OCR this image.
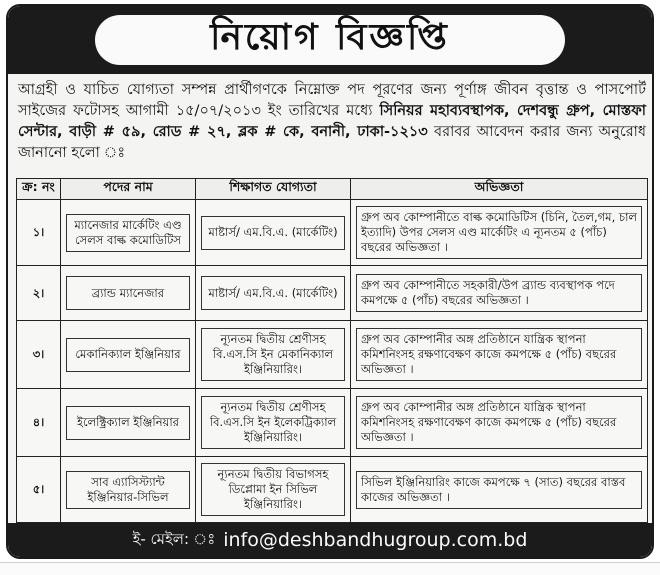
নিয়োগ বিজ্ঞপ্তি
আগ্রহী ও যাচিত যোগ্যতা সম্পন্ন প্রার্থীগণকে নিম্নোক্ত পদ পূরণের জন্য পূর্ণাঙ্গ জীবন বৃত্তান্ত ও পাসপোর্ট সাইজের ফটোসহ আগামী ১৫/০৭/২০১৩ ইং তারিখের মধ্যে সিনিয়র মহাব্যবস্থাপক, দেশবন্ধু গ্রুপ, মোস্তফা সেন্টার, বাড়ী # ৫৯, রোড # ২৭, ব্লক # কে, বনানী, ঢাকা-১২১৩ বরাবর আবেদন করার জন্য অনুরোধ জানানো হলো ঃ
ক্র: নং	পদের নাম	শিক্ষাগত যোগ্যতা	অভিজ্ঞতা
১।	ম্যানেজার মার্কেটিং এণ্ড সেলস বাল্ক কমোডিটিস	মাষ্টার্স/ এম.বি.এ. (মার্কেটিং)	গ্রুপ অব কোম্পানীতে বাল্ক কমোডিটিস (চিনি, তৈল,গম, চাল ইত্যাদি) উপর সেলস এণ্ড মার্কেটিং এ ন্যূনতম ৫ (পাঁচ) বছরের অভিজ্ঞতা ।

২।	ব্র্যান্ড ম্যানেজার	মাষ্টার্স/ এম.বি.এ. (মার্কেটিং)	গ্রুপ অব কোম্পানীতে সহকারী/উপ ব্র্যান্ড ব্যবস্থাপক পদে কমপক্ষে ৫ (পাঁচ) বছরের অভিজ্ঞতা ।

৩।	মেকানিক্যাল ইঞ্জিনিয়ার	ন্যূনতম দ্বিতীয় শ্রেণীসহ বি.এস.সি ইন মেকানিক্যাল ইঞ্জিনিয়ারিং।	গ্রুপ অব কোম্পানীর অঙ্গ প্রতিষ্ঠানে যান্ত্রিক স্থাপনা কমিশনিংসহ রক্ষণাবেক্ষণ কাজে কমপক্ষে ৫ (পাঁচ) বছরের অভিজ্ঞতা ।

৪।	ইলেক্ট্রিক্যাল ইঞ্জিনিয়ার	ন্যূনতম দ্বিতীয় শ্রেণীসহ বি.এস.সি ইন ইলেকট্রিক্যাল ইঞ্জিনিয়ারিং।	গ্রুপ অব কোম্পানীর অঙ্গ প্রতিষ্ঠানে যান্ত্রিক স্থাপনা কমিশনিংসহ রক্ষণাবেক্ষণ কাজে কমপক্ষে ৫ (পাঁচ) বছরের অভিজ্ঞতা ।

৫।	সাব এ্যাসিস্ট্যান্ট ইঞ্জিনিয়ার-সিভিল	ন্যূনতম দ্বিতীয় বিভাগসহ ডিপ্লোমা ইন সিভিল ইঞ্জিনিয়ারিং।	সিভিল ইঞ্জিনিয়ারিং কাজে কমপক্ষে ৭ (সাত) বছরের বাস্তব কাজের অভিজ্ঞতা ।
ই- মেইল: ঃ info@deshbandhugroup.com.bd
